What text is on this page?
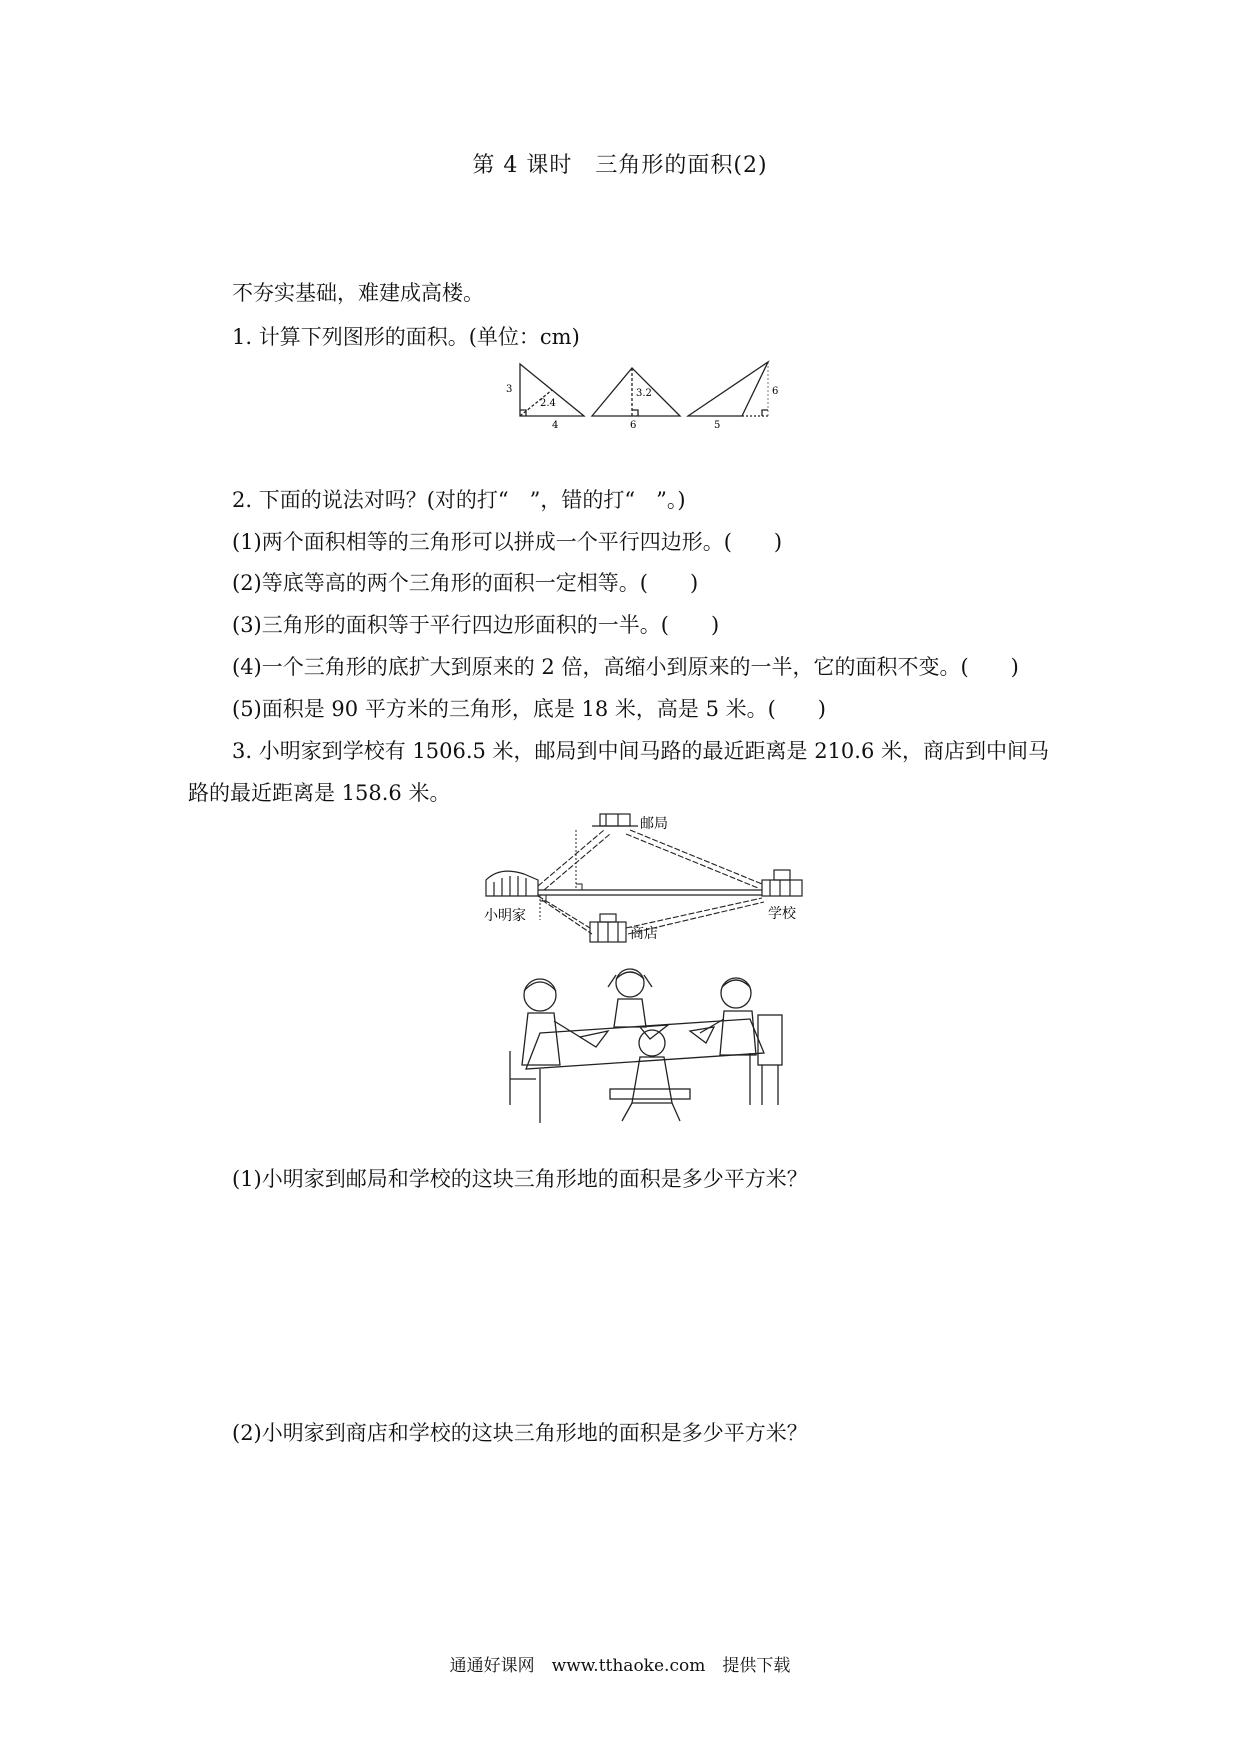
第 4 课时　三角形的面积(2)
不夯实基础，难建成高楼。
1. 计算下列图形的面积。(单位：cm)
3
2.4
4
3.2
6
6
5
2. 下面的说法对吗？(对的打“　”，错的打“　”。)
(1)两个面积相等的三角形可以拼成一个平行四边形。(　　)
(2)等底等高的两个三角形的面积一定相等。(　　)
(3)三角形的面积等于平行四边形面积的一半。(　　)
(4)一个三角形的底扩大到原来的 2 倍，高缩小到原来的一半，它的面积不变。(　　)
(5)面积是 90 平方米的三角形，底是 18 米，高是 5 米。(　　)
3. 小明家到学校有 1506.5 米，邮局到中间马路的最近距离是 210.6 米，商店到中间马
路的最近距离是 158.6 米。
邮局
小明家	学校
商店
(1)小明家到邮局和学校的这块三角形地的面积是多少平方米？
(2)小明家到商店和学校的这块三角形地的面积是多少平方米？
通通好课网　www.tthaoke.com　提供下载
